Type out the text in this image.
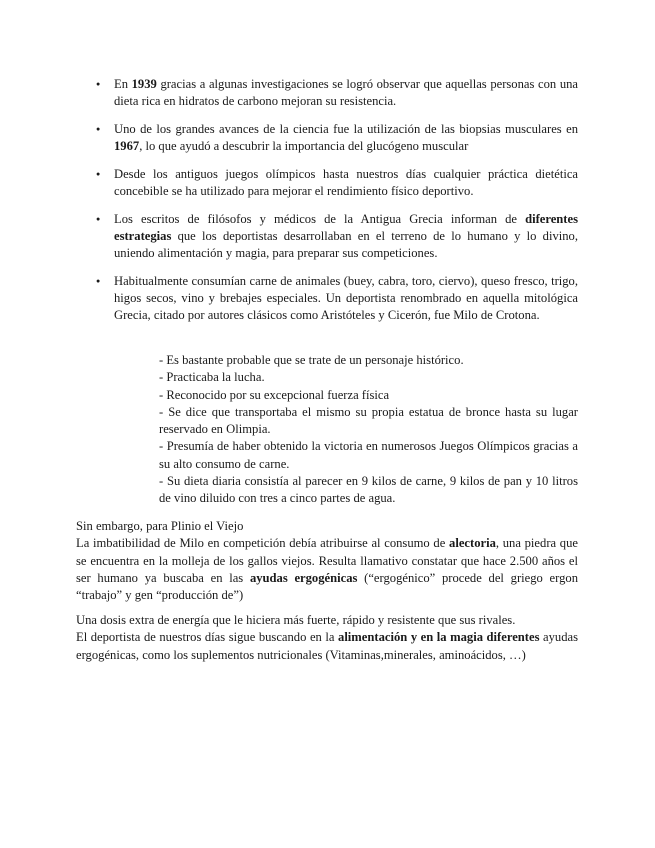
● En 1939 gracias a algunas investigaciones se logró observar que aquellas personas con una dieta rica en hidratos de carbono mejoran su resistencia.
● Uno de los grandes avances de la ciencia fue la utilización de las biopsias musculares en 1967, lo que ayudó a descubrir la importancia del glucógeno muscular
● Desde los antiguos juegos olímpicos hasta nuestros días cualquier práctica dietética concebible se ha utilizado para mejorar el rendimiento físico deportivo.
● Los escritos de filósofos y médicos de la Antigua Grecia informan de diferentes estrategias que los deportistas desarrollaban en el terreno de lo humano y lo divino, uniendo alimentación y magia, para preparar sus competiciones.
● Habitualmente consumían carne de animales (buey, cabra, toro, ciervo), queso fresco, trigo, higos secos, vino y brebajes especiales. Un deportista renombrado en aquella mitológica Grecia, citado por autores clásicos como Aristóteles y Cicerón, fue Milo de Crotona.
- Es bastante probable que se trate de un personaje histórico.
- Practicaba la lucha.
- Reconocido por su excepcional fuerza física
- Se dice que transportaba el mismo su propia estatua de bronce hasta su lugar reservado en Olimpia.
- Presumía de haber obtenido la victoria en numerosos Juegos Olímpicos gracias a su alto consumo de carne.
- Su dieta diaria consistía al parecer en 9 kilos de carne, 9 kilos de pan y 10 litros de vino diluido con tres a cinco partes de agua.
Sin embargo, para Plinio el Viejo
La imbatibilidad de Milo en competición debía atribuirse al consumo de alectoria, una piedra que se encuentra en la molleja de los gallos viejos. Resulta llamativo constatar que hace 2.500 años el ser humano ya buscaba en las ayudas ergogénicas (“ergogénico” procede del griego ergon “trabajo” y gen “producción de”)
Una dosis extra de energía que le hiciera más fuerte, rápido y resistente que sus rivales.
El deportista de nuestros días sigue buscando en la alimentación y en la magia diferentes ayudas ergogénicas, como los suplementos nutricionales (Vitaminas,minerales, aminoácidos, …)
